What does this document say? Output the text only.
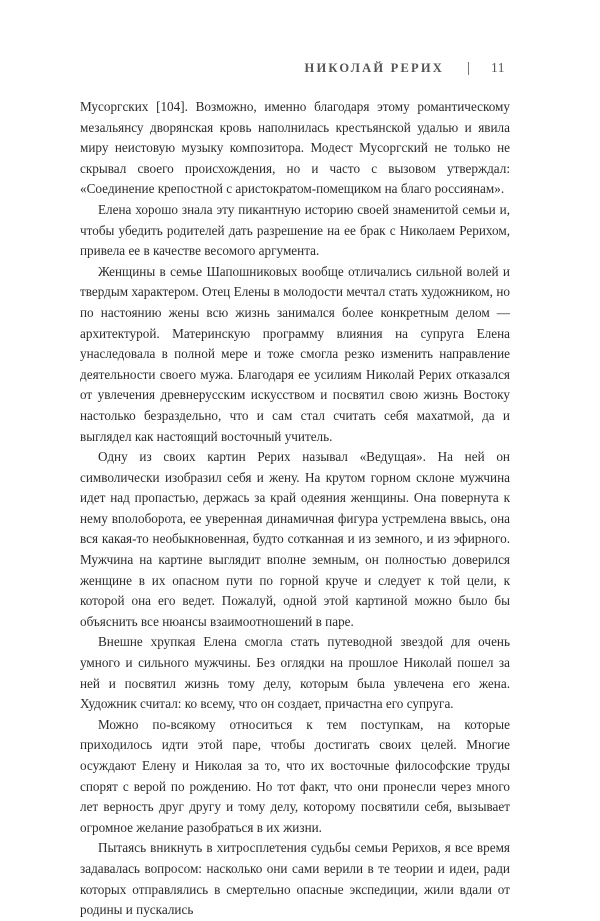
НИКОЛАЙ РЕРИХ	11

Мусоргских [104]. Возможно, именно благодаря этому романтическому мезальянсу дворянская кровь наполнилась крестьянской удалью и явила миру неистовую музыку композитора. Модест Мусоргский не только не скрывал своего происхождения, но и часто с вызовом утверждал: «Соединение крепостной с аристократом-помещиком на благо россиянам».

Елена хорошо знала эту пикантную историю своей знаменитой семьи и, чтобы убедить родителей дать разрешение на ее брак с Николаем Рерихом, привела ее в качестве весомого аргумента.

Женщины в семье Шапошниковых вообще отличались сильной волей и твердым характером. Отец Елены в молодости мечтал стать художником, но по настоянию жены всю жизнь занимался более конкретным делом — архитектурой. Материнскую программу влияния на супруга Елена унаследовала в полной мере и тоже смогла резко изменить направление деятельности своего мужа. Благодаря ее усилиям Николай Рерих отказался от увлечения древнерусским искусством и посвятил свою жизнь Востоку настолько безраздельно, что и сам стал считать себя махатмой, да и выглядел как настоящий восточный учитель.

Одну из своих картин Рерих называл «Ведущая». На ней он символически изобразил себя и жену. На крутом горном склоне мужчина идет над пропастью, держась за край одеяния женщины. Она повернута к нему вполоборота, ее уверенная динамичная фигура устремлена ввысь, она вся какая-то необыкновенная, будто сотканная и из земного, и из эфирного. Мужчина на картине выглядит вполне земным, он полностью доверился женщине в их опасном пути по горной круче и следует к той цели, к которой она его ведет. Пожалуй, одной этой картиной можно было бы объяснить все нюансы взаимоотношений в паре.

Внешне хрупкая Елена смогла стать путеводной звездой для очень умного и сильного мужчины. Без оглядки на прошлое Николай пошел за ней и посвятил жизнь тому делу, которым была увлечена его жена. Художник считал: ко всему, что он создает, причастна его супруга.

Можно по-всякому относиться к тем поступкам, на которые приходилось идти этой паре, чтобы достигать своих целей. Многие осуждают Елену и Николая за то, что их восточные философские труды спорят с верой по рождению. Но тот факт, что они пронесли через много лет верность друг другу и тому делу, которому посвятили себя, вызывает огромное желание разобраться в их жизни.

Пытаясь вникнуть в хитросплетения судьбы семьи Рерихов, я все время задавалась вопросом: насколько они сами верили в те теории и идеи, ради которых отправлялись в смертельно опасные экспедиции, жили вдали от родины и пускались
